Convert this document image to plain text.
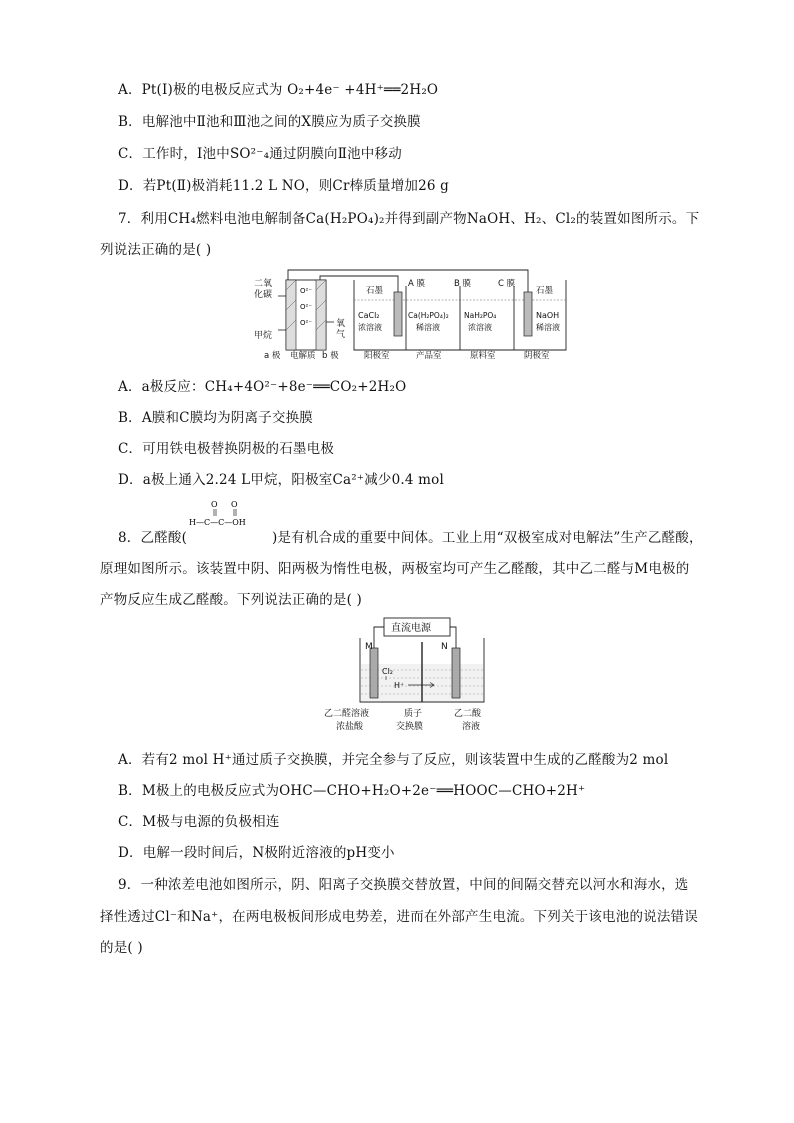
A．Pt(Ⅰ)极的电极反应式为 O₂+4e⁻ +4H⁺══2H₂O
B．电解池中Ⅱ池和Ⅲ池之间的X膜应为质子交换膜
C．工作时，Ⅰ池中SO²⁻₄通过阴膜向Ⅱ池中移动
D．若Pt(Ⅱ)极消耗11.2 L NO，则Cr棒质量增加26 g
7．利用CH₄燃料电池电解制备Ca(H₂PO₄)₂并得到副产物NaOH、H₂、Cl₂的装置如图所示。下
列说法正确的是( )
二氧
化碳
甲烷
氧
气
O²⁻
O²⁻
O²⁻
a 极 电解质 b 极
石墨	石墨
A 膜	B 膜	C 膜
CaCl₂
浓溶液
Ca(H₂PO₄)₂
稀溶液
NaH₂PO₄
浓溶液
NaOH
稀溶液
阳极室	产品室	原料室	阴极室
A．a极反应：CH₄+4O²⁻+8e⁻══CO₂+2H₂O
B．A膜和C膜均为阴离子交换膜
C．可用铁电极替换阴极的石墨电极
D．a极上通入2.24 L甲烷，阳极室Ca²⁺减少0.4 mol
8．乙醛酸(
O O
H—C—C—OH
)是有机合成的重要中间体。工业上用“双极室成对电解法”生产乙醛酸，
原理如图所示。该装置中阴、阳两极为惰性电极，两极室均可产生乙醛酸，其中乙二醛与M电极的
产物反应生成乙醛酸。下列说法正确的是( )
直流电源
M	N
Cl₂
H⁺
乙二醛溶液
浓盐酸
质子
交换膜
乙二酸
溶液
A．若有2 mol H⁺通过质子交换膜，并完全参与了反应，则该装置中生成的乙醛酸为2 mol
B．M极上的电极反应式为OHC—CHO+H₂O+2e⁻══HOOC—CHO+2H⁺
C．M极与电源的负极相连
D．电解一段时间后，N极附近溶液的pH变小
9．一种浓差电池如图所示，阴、阳离子交换膜交替放置，中间的间隔交替充以河水和海水，选
择性透过Cl⁻和Na⁺，在两电极板间形成电势差，进而在外部产生电流。下列关于该电池的说法错误
的是( )
